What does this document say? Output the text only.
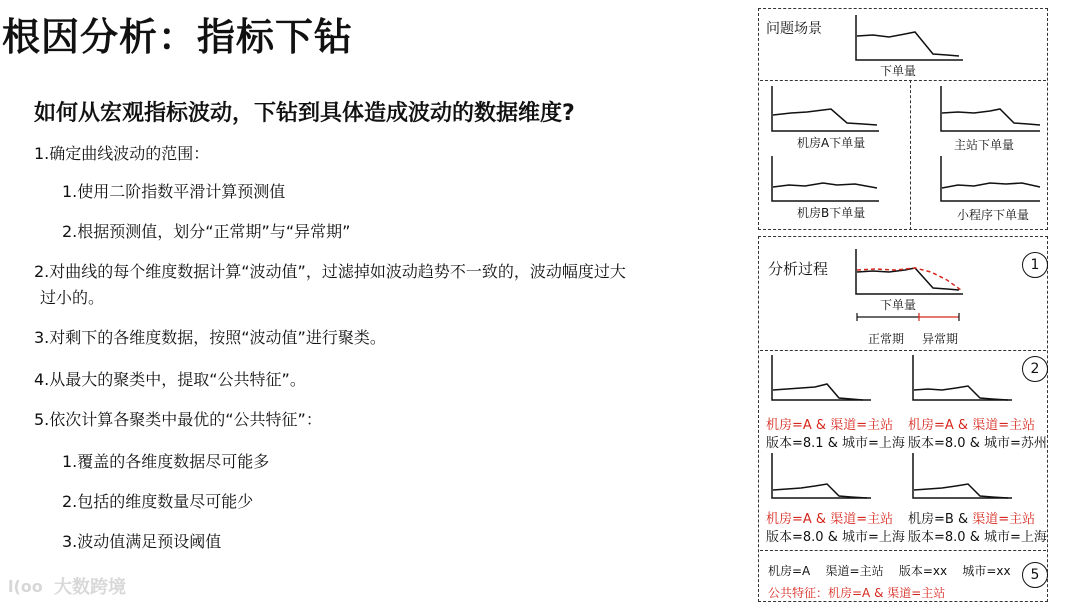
根因分析：指标下钻
如何从宏观指标波动，下钻到具体造成波动的数据维度?
1.确定曲线波动的范围：
1.使用二阶指数平滑计算预测值
2.根据预测值，划分“正常期”与“异常期”
2.对曲线的每个维度数据计算“波动值”，过滤掉如波动趋势不一致的，波动幅度过大
过小的。
3.对剩下的各维度数据，按照“波动值”进行聚类。
4.从最大的聚类中，提取“公共特征”。
5.依次计算各聚类中最优的“公共特征”：
1.覆盖的各维度数据尽可能多
2.包括的维度数量尽可能少
3.波动值满足预设阈值
l(oo 大数跨境
问题场景
下单量
机房A下单量	主站下单量
机房B下单量	小程序下单量
分析过程	1
下单量
正常期 异常期
2
机房=A & 渠道=主站
版本=8.1 & 城市=上海
机房=A & 渠道=主站
版本=8.0 & 城市=苏州
机房=A & 渠道=主站
版本=8.0 & 城市=上海
机房=B & 渠道=主站
版本=8.0 & 城市=上海
机房=A    渠道=主站    版本=xx    城市=xx
公共特征：机房=A & 渠道=主站
5
